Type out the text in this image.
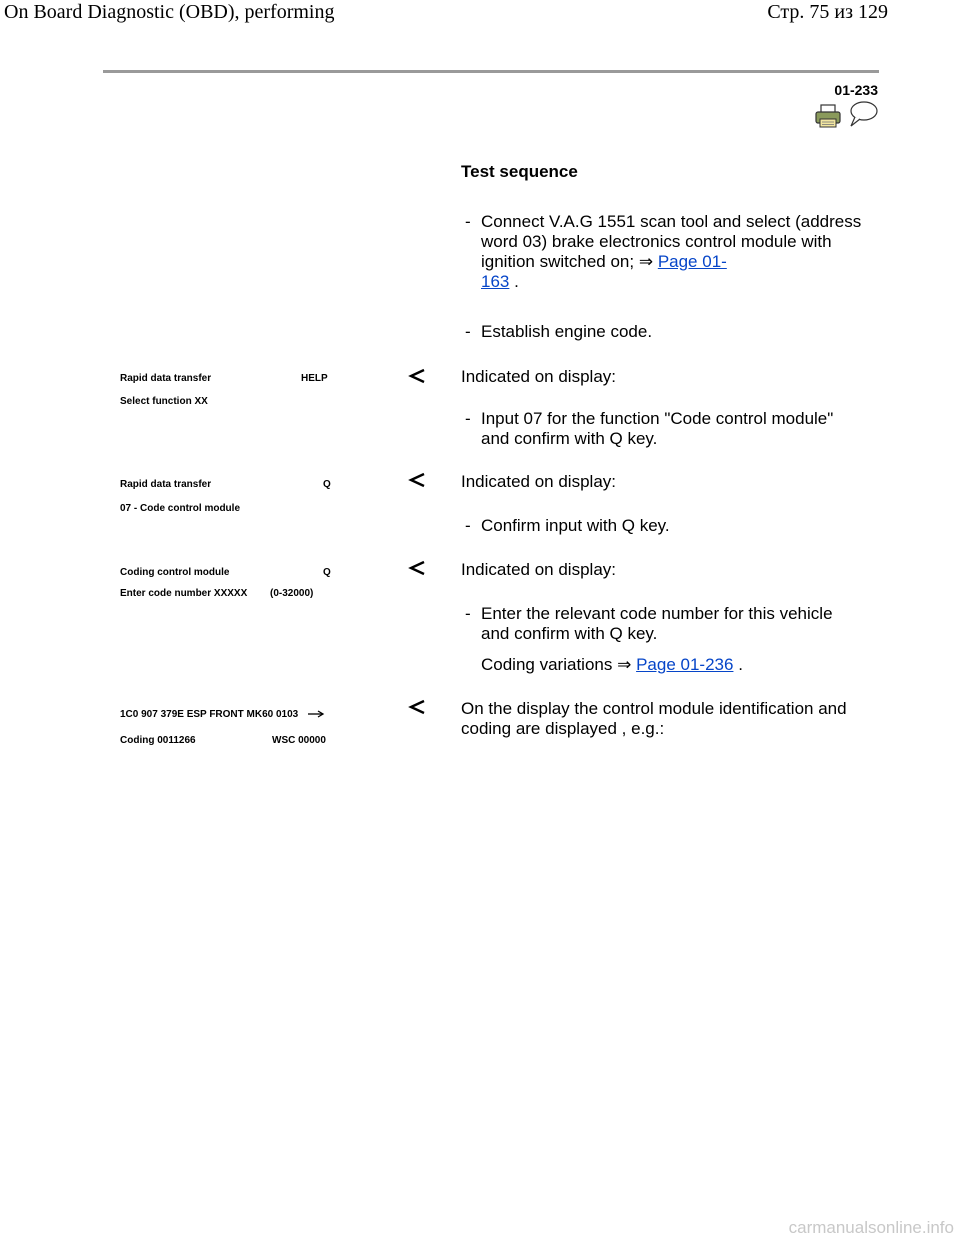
On Board Diagnostic (OBD), performing	Стр. 75 из 129
01-233
Test sequence
- Connect V.A.G 1551 scan tool and select (address word 03) brake electronics control module with ignition switched on; ⇒ Page 01-
163 .
- Establish engine code.
Rapid data transfer	HELP
Select function XX
Indicated on display:
- Input 07 for the function "Code control module" and confirm with Q key.
Rapid data transfer	Q
07 - Code control module
Indicated on display:
- Confirm input with Q key.
Coding control module	Q
Enter code number XXXXX (0-32000)
Indicated on display:
- Enter the relevant code number for this vehicle and confirm with Q key.
Coding variations ⇒ Page 01-236 .
1C0 907 379E ESP FRONT MK60 0103
Coding 0011266	WSC 00000
On the display the control module identification and coding are displayed , e.g.:
carmanualsonline.info
